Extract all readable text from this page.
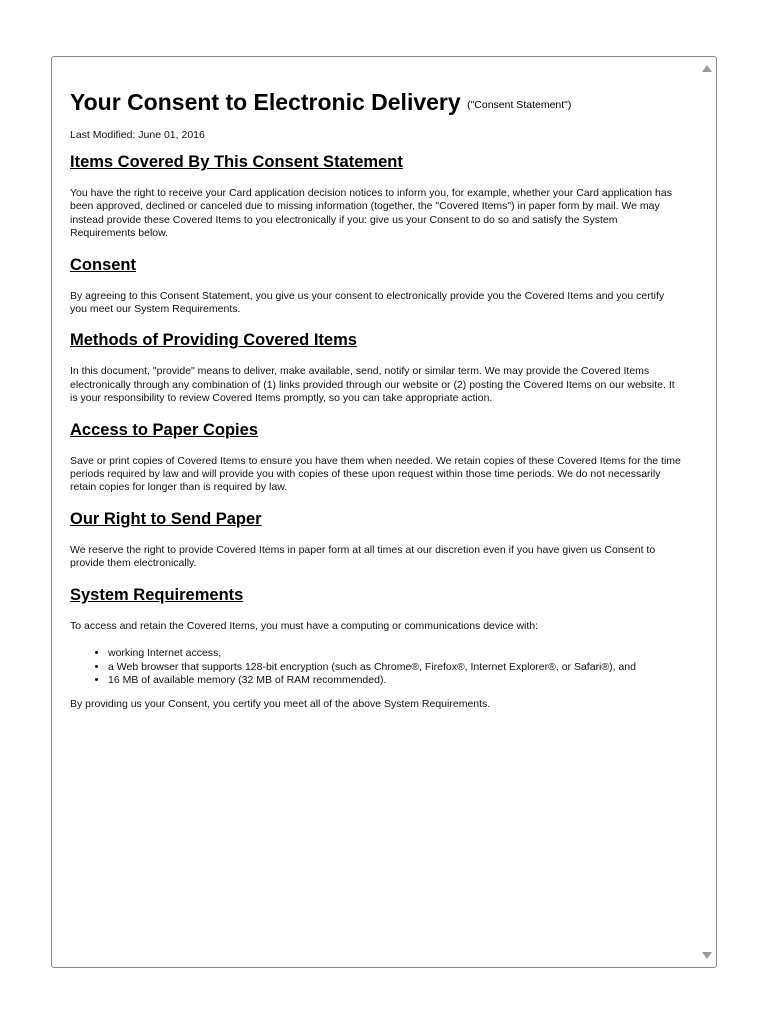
Your Consent to Electronic Delivery ("Consent Statement")
Last Modified: June 01, 2016
Items Covered By This Consent Statement

You have the right to receive your Card application decision notices to inform you, for example, whether your Card application has been approved, declined or canceled due to missing information (together, the "Covered Items") in paper form by mail. We may instead provide these Covered Items to you electronically if you: give us your Consent to do so and satisfy the System Requirements below.

Consent

By agreeing to this Consent Statement, you give us your consent to electronically provide you the Covered Items and you certify you meet our System Requirements.

Methods of Providing Covered Items

In this document, "provide" means to deliver, make available, send, notify or similar term. We may provide the Covered Items electronically through any combination of (1) links provided through our website or (2) posting the Covered Items on our website. It is your responsibility to review Covered Items promptly, so you can take appropriate action.

Access to Paper Copies

Save or print copies of Covered Items to ensure you have them when needed. We retain copies of these Covered Items for the time periods required by law and will provide you with copies of these upon request within those time periods. We do not necessarily retain copies for longer than is required by law.

Our Right to Send Paper

We reserve the right to provide Covered Items in paper form at all times at our discretion even if you have given us Consent to provide them electronically.

System Requirements

To access and retain the Covered Items, you must have a computing or communications device with:

• working Internet access,
• a Web browser that supports 128-bit encryption (such as Chrome®, Firefox®, Internet Explorer®, or Safari®), and
• 16 MB of available memory (32 MB of RAM recommended).

By providing us your Consent, you certify you meet all of the above System Requirements.
